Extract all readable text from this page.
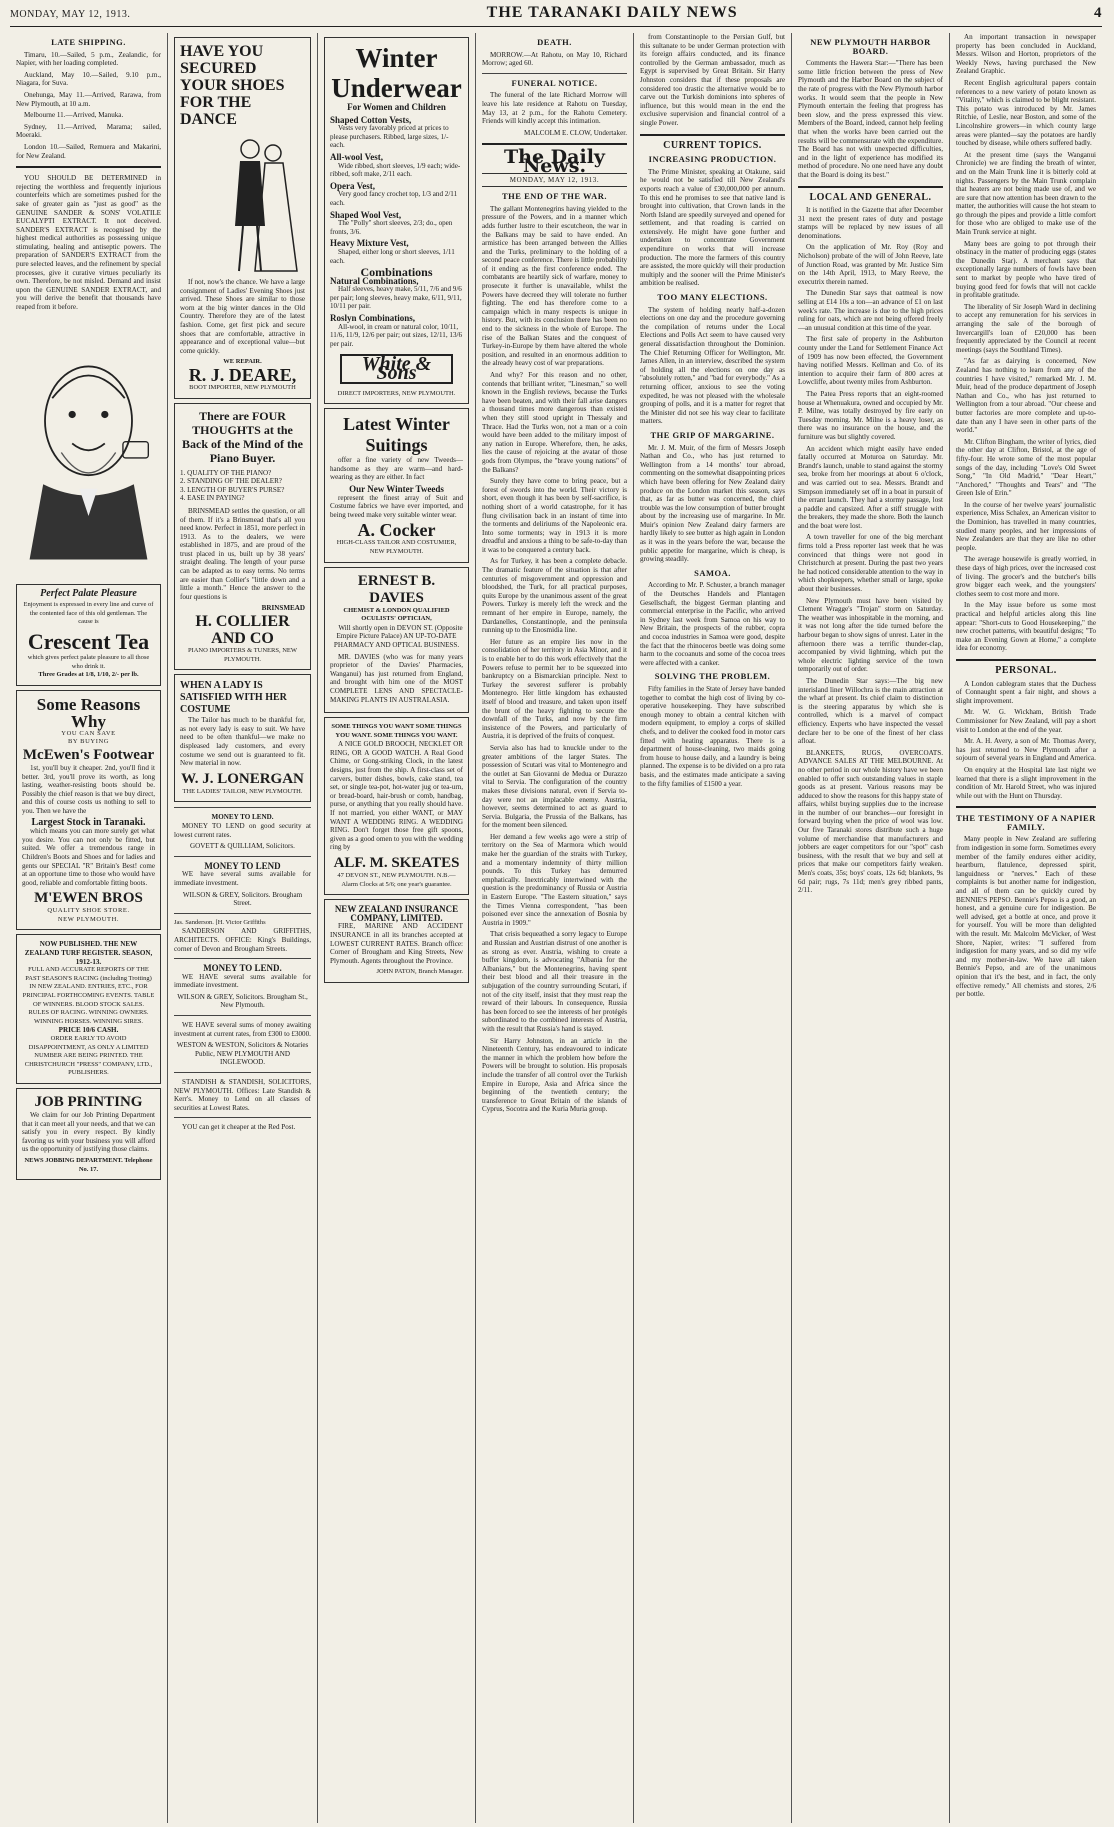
MONDAY, MAY 12, 1913.	THE TARANAKI DAILY NEWS	4
LATE SHIPPING.

Timaru, 10.—Sailed, 5 p.m., Zealandic, for Napier, with her loading completed.

Auckland, May 10.—Sailed, 9.10 p.m., Niagara, for Suva.

Onehunga, May 11.—Arrived, Rarawa, from New Plymouth, at 10 a.m.

Melbourne 11.—Arrived, Manuka.

Sydney, 11.—Arrived, Marama; sailed, Moeraki.

London 10.—Sailed, Remuera and Makarini, for New Zealand.

YOU SHOULD BE DETERMINED in rejecting the worthless and frequently injurious counterfeits which are sometimes pushed for the sake of greater gain as "just as good" as the GENUINE SANDER & SONS' VOLATILE EUCALYPTI EXTRACT. It not deceived. SANDER'S EXTRACT is recognised by the highest medical authorities as possessing unique stimulating, healing and antiseptic powers. The preparation of SANDER'S EXTRACT from the pure selected leaves, and the refinement by special processes, give it curative virtues peculiarly its own. Therefore, be not misled. Demand and insist upon the GENUINE SANDER EXTRACT, and you will derive the benefit that thousands have reaped from it before.

Perfect Palate Pleasure
Enjoyment is expressed in every line and curve of the contented face of this old gentleman. The cause is
Crescent Tea
which gives perfect palate pleasure to all those who drink it.
Three Grades at 1/8, 1/10, 2/- per lb.
Some Reasons Why
YOU CAN SAVE
BY BUYING
McEwen's Footwear

1st, you'll buy it cheaper. 2nd, you'll find it better. 3rd, you'll prove its worth, as long lasting, weather-resisting boots should be. Possibly the chief reason is that we buy direct, and this of course costs us nothing to sell to you. Then we have the

Largest Stock in Taranaki.

which means you can more surely get what you desire. You can not only be fitted, but suited. We offer a tremendous range in Children's Boots and Shoes and for ladies and gents our SPECIAL "R" Britain's Best! come at an opportune time to those who would have good, reliable and comfortable fitting boots.

M'EWEN BROS
QUALITY SHOE STORE.
NEW PLYMOUTH.
NOW PUBLISHED. THE NEW ZEALAND TURF REGISTER. SEASON, 1912-13.
FULL AND ACCURATE REPORTS OF THE PAST SEASON'S RACING (including Trotting) IN NEW ZEALAND. ENTRIES, ETC., FOR PRINCIPAL FORTHCOMING EVENTS. TABLE OF WINNERS. BLOOD STOCK SALES. RULES OF RACING. WINNING OWNERS. WINNING HORSES. WINNING SIRES.
PRICE 10/6 CASH.
ORDER EARLY TO AVOID DISAPPOINTMENT, AS ONLY A LIMITED NUMBER ARE BEING PRINTED. THE CHRISTCHURCH "PRESS" COMPANY, LTD., PUBLISHERS.
JOB PRINTING

We claim for our Job Printing Department that it can meet all your needs, and that we can satisfy you in every respect. By kindly favoring us with your business you will afford us the opportunity of justifying those claims.

NEWS JOBBING DEPARTMENT. Telephone No. 17.
HAVE YOU SECURED YOUR SHOES FOR THE DANCE

If not, now's the chance. We have a large consignment of Ladies' Evening Shoes just arrived. These Shoes are similar to those worn at the big winter dances in the Old Country. Therefore they are of the latest fashion. Come, get first pick and secure shoes that are comfortable, attractive in appearance and of exceptional value—but come quickly.

WE REPAIR.
R. J. DEARE,
BOOT IMPORTER, NEW PLYMOUTH
There are FOUR THOUGHTS at the Back of the Mind of the Piano Buyer.
1. QUALITY OF THE PIANO?
2. STANDING OF THE DEALER?
3. LENGTH OF BUYER'S PURSE?
4. EASE IN PAYING?

BRINSMEAD settles the question, or all of them. If it's a Brinsmead that's all you need know. Perfect in 1851, more perfect in 1913. As to the dealers, we were established in 1875, and are proud of the trust placed in us, built up by 38 years' straight dealing. The length of your purse can be adapted as to easy terms. No terms are easier than Collier's "little down and a little a month." Hence the answer to the four questions is

BRINSMEAD
H. COLLIER AND CO
PIANO IMPORTERS & TUNERS, NEW PLYMOUTH.
WHEN A LADY IS SATISFIED WITH HER COSTUME

The Tailor has much to be thankful for, as not every lady is easy to suit. We have need to be often thankful—we make no displeased lady customers, and every costume we send out is guaranteed to fit. New material in now.

W. J. LONERGAN
THE LADIES' TAILOR, NEW PLYMOUTH.
MONEY TO LEND.

MONEY TO LEND on good security at lowest current rates.

GOVETT & QUILLIAM, Solicitors.
MONEY TO LEND

WE have several sums available for immediate investment.

WILSON & GREY, Solicitors. Brougham Street.
Jas. Sanderson. [H. Victor Griffiths

SANDERSON AND GRIFFITHS, ARCHITECTS. OFFICE: King's Buildings, corner of Devon and Brougham Streets.

MONEY TO LEND.

WE HAVE several sums available for immediate investment.

WILSON & GREY, Solicitors. Brougham St., New Plymouth.

WE HAVE several sums of money awaiting investment at current rates, from £300 to £3000.

WESTON & WESTON, Solicitors & Notaries Public, NEW PLYMOUTH AND INGLEWOOD.

STANDISH & STANDISH, SOLICITORS, NEW PLYMOUTH. Offices: Late Standish & Kerr's. Money to Lend on all classes of securities at Lowest Rates.

YOU can get it cheaper at the Red Post.

Winter Underwear
For Women and Children
Shaped Cotton Vests,

Vests very favorably priced at prices to please purchasers. Ribbed, large sizes, 1/- each.

All-wool Vest,

Wide ribbed, short sleeves, 1/9 each; wide-ribbed, soft make, 2/11 each.

Opera Vest,

Very good fancy crochet top, 1/3 and 2/11 each.

Shaped Wool Vest,

The "Polly" short sleeves, 2/3; do., open fronts, 3/6.

Heavy Mixture Vest,

Shaped, either long or short sleeves, 1/11 each.

Combinations
Natural Combinations,

Half sleeves, heavy make, 5/11, 7/6 and 9/6 per pair; long sleeves, heavy make, 6/11, 9/11, 10/11 per pair.

Roslyn Combinations,

All-wool, in cream or natural color, 10/11, 11/6, 11/9, 12/6 per pair; out sizes, 12/11, 13/6 per pair.

White & Sons
DIRECT IMPORTERS, NEW PLYMOUTH.
Latest Winter Suitings

offer a fine variety of new Tweeds—handsome as they are warm—and hard-wearing as they are either. In fact

Our New Winter Tweeds

represent the finest array of Suit and Costume fabrics we have ever imported, and being tweed make very suitable winter wear.

A. Cocker
HIGH-CLASS TAILOR AND COSTUMIER, NEW PLYMOUTH.
ERNEST B. DAVIES
CHEMIST & LONDON QUALIFIED OCULISTS' OPTICIAN,

Will shortly open in DEVON ST. (Opposite Empire Picture Palace) AN UP-TO-DATE PHARMACY AND OPTICAL BUSINESS.

MR. DAVIES (who was for many years proprietor of the Davies' Pharmacies, Wanganui) has just returned from England, and brought with him one of the MOST COMPLETE LENS AND SPECTACLE-MAKING PLANTS IN AUSTRALASIA.

SOME THINGS YOU WANT SOME THINGS YOU WANT. SOME THINGS YOU WANT.

A NICE GOLD BROOCH, NECKLET OR RING, OR A GOOD WATCH. A Real Good Chime, or Gong-striking Clock, in the latest designs, just from the ship. A first-class set of carvers, butter dishes, bowls, cake stand, tea set, or single tea-pot, hot-water jug or tea-urn, or bread-board, hair-brush or comb, handbag, purse, or anything that you really should have. If not married, you either WANT, or MAY WANT A WEDDING RING. A WEDDING RING. Don't forget those free gift spoons, given as a good omen to you with the wedding ring by

ALF. M. SKEATES
47 DEVON ST., NEW PLYMOUTH. N.B.—Alarm Clocks at 5/6; one year's guarantee.
NEW ZEALAND INSURANCE COMPANY, LIMITED.

FIRE, MARINE AND ACCIDENT INSURANCE in all its branches accepted at LOWEST CURRENT RATES. Branch office: Corner of Brougham and King Streets, New Plymouth. Agents throughout the Province.

JOHN PATON, Branch Manager.
DEATH.

MORROW.—At Rahotu, on May 10, Richard Morrow; aged 60.

FUNERAL NOTICE.

The funeral of the late Richard Morrow will leave his late residence at Rahotu on Tuesday, May 13, at 2 p.m., for the Rahotu Cemetery. Friends will kindly accept this intimation.

MALCOLM E. CLOW, Undertaker.
The Daily News.
MONDAY, MAY 12, 1913.
THE END OF THE WAR.

The gallant Montenegrins having yielded to the pressure of the Powers, and in a manner which adds further lustre to their escutcheon, the war in the Balkans may be said to have ended. An armistice has been arranged between the Allies and the Turks, preliminary to the holding of a second peace conference. There is little probability of it ending as the first conference ended. The combatants are heartily sick of warfare, money to prosecute it further is unavailable, whilst the Powers have decreed they will tolerate no further fighting. The end has therefore come to a campaign which in many respects is unique in history. But, with its conclusion there has been no end to the sickness in the whole of Europe. The rise of the Balkan States and the conquest of Turkey-in-Europe by them have altered the whole position, and resulted in an enormous addition to the already heavy cost of war preparations.

And why? For this reason and no other, contends that brilliant writer, "Linesman," so well known in the English reviews, because the Turks have been beaten, and with their fall arise dangers a thousand times more dangerous than existed when they still stood upright in Thessaly and Thrace. Had the Turks won, not a man or a coin would have been added to the military impost of any nation in Europe. Wherefore, then, he asks, lies the cause of rejoicing at the avatar of those gods from Olympus, the "brave young nations" of the Balkans?

Surely they have come to bring peace, but a forest of swords into the world. Their victory is short, even though it has been by self-sacrifice, is nothing short of a world catastrophe, for it has flung civilisation back in an instant of time into the torments and deliriums of the Napoleonic era. Into some torments; way in 1913 it is more dreadful and anxious a thing to be safe-to-day than it was to be conquered a century back.

As for Turkey, it has been a complete debacle. The dramatic feature of the situation is that after centuries of misgovernment and oppression and bloodshed, the Turk, for all practical purposes, quits Europe by the unanimous assent of the great Powers. Turkey is merely left the wreck and the remnant of her empire in Europe, namely, the Dardanelles, Constantinople, and the peninsula running up to the Enosmidia line.

Her future as an empire lies now in the consolidation of her territory in Asia Minor, and it is to enable her to do this work effectively that the Powers refuse to permit her to be squeezed into bankruptcy on a Bismarckian principle. Next to Turkey the severest sufferer is probably Montenegro. Her little kingdom has exhausted itself of blood and treasure, and taken upon itself the brunt of the heavy fighting to secure the downfall of the Turks, and now by the firm insistence of the Powers, and particularly of Austria, it is deprived of the fruits of conquest.

Servia also has had to knuckle under to the greater ambitions of the larger States. The possession of Scutari was vital to Montenegro and the outlet at San Giovanni de Medua or Durazzo vital to Servia. The configuration of the country makes these divisions natural, even if Servia to-day were not an implacable enemy. Austria, however, seems determined to act as guard to Servia. Bulgaria, the Prussia of the Balkans, has for the moment been silenced.

Her demand a few weeks ago were a strip of territory on the Sea of Marmora which would make her the guardian of the straits with Turkey, and a momentary indemnity of thirty million pounds. To this Turkey has demurred emphatically. Inextricably intertwined with the question is the predominancy of Russia or Austria in Eastern Europe. "The Eastern situation," says the Times Vienna correspondent, "has been poisoned ever since the annexation of Bosnia by Austria in 1909."

That crisis bequeathed a sorry legacy to Europe and Russian and Austrian distrust of one another is as strong as ever. Austria, wishing to create a buffer kingdom, is advocating "Albania for the Albanians," but the Montenegrins, having spent their best blood and all their treasure in the subjugation of the country surrounding Scutari, if not of the city itself, insist that they must reap the reward of their labours. In consequence, Russia has been forced to see the interests of her protégés subordinated to the combined interests of Austria, with the result that Russia's hand is stayed.

Sir Harry Johnston, in an article in the Nineteenth Century, has endeavoured to indicate the manner in which the problem how before the Powers will be brought to solution. His proposals include the transfer of all control over the Turkish Empire in Europe, Asia and Africa since the beginning of the twentieth century; the transference to Great Britain of the islands of Cyprus, Socotra and the Kuria Muria group.

from Constantinople to the Persian Gulf, but this sultanate to be under German protection with its foreign affairs conducted, and its finance controlled by the German ambassador, much as Egypt is supervised by Great Britain. Sir Harry Johnston considers that if these proposals are considered too drastic the alternative would be to carve out the Turkish dominions into spheres of influence, but this would mean in the end the exclusive supervision and financial control of a single Power.

CURRENT TOPICS.
INCREASING PRODUCTION.

The Prime Minister, speaking at Otakune, said he would not be satisfied till New Zealand's exports reach a value of £30,000,000 per annum. To this end he promises to see that native land is brought into cultivation, that Crown lands in the North Island are speedily surveyed and opened for settlement, and that roading is carried on extensively. He might have gone further and undertaken to concentrate Government expenditure on works that will increase production. The more the farmers of this country are assisted, the more quickly will their production multiply and the sooner will the Prime Minister's ambition be realised.

TOO MANY ELECTIONS.

The system of holding nearly half-a-dozen elections on one day and the procedure governing the compilation of returns under the Local Elections and Polls Act seem to have caused very general dissatisfaction throughout the Dominion. The Chief Returning Officer for Wellington, Mr. James Allen, in an interview, described the system of holding all the elections on one day as "absolutely rotten," and "bad for everybody." As a returning officer, anxious to see the voting expedited, he was not pleased with the wholesale grouping of polls, and it is a matter for regret that the Minister did not see his way clear to facilitate matters.

THE GRIP OF MARGARINE.

Mr. J. M. Muir, of the firm of Messrs Joseph Nathan and Co., who has just returned to Wellington from a 14 months' tour abroad, commenting on the somewhat disappointing prices which have been offering for New Zealand dairy produce on the London market this season, says that, as far as butter was concerned, the chief trouble was the low consumption of butter brought about by the increasing use of margarine. In Mr. Muir's opinion New Zealand dairy farmers are hardly likely to see butter as high again in London as it was in the years before the war, because the public appetite for margarine, which is cheap, is growing steadily.

SAMOA.

According to Mr. P. Schuster, a branch manager of the Deutsches Handels and Plantagen Gesellschaft, the biggest German planting and commercial enterprise in the Pacific, who arrived in Sydney last week from Samoa on his way to New Britain, the prospects of the rubber, copra and cocoa industries in Samoa were good, despite the fact that the rhinoceros beetle was doing some harm to the cocoanuts and some of the cocoa trees were affected with a canker.

SOLVING THE PROBLEM.

Fifty families in the State of Jersey have banded together to combat the high cost of living by co-operative housekeeping. They have subscribed enough money to obtain a central kitchen with modern equipment, to employ a corps of skilled chefs, and to deliver the cooked food in motor cars fitted with heating apparatus. There is a department of house-cleaning, two maids going from house to house daily, and a laundry is being planned. The expense is to be divided on a pro rata basis, and the estimates made anticipate a saving to the fifty families of £1500 a year.

NEW PLYMOUTH HARBOR BOARD.

Comments the Hawera Star:—"There has been some little friction between the press of New Plymouth and the Harbor Board on the subject of the rate of progress with the New Plymouth harbor works. It would seem that the people in New Plymouth entertain the feeling that progress has been slow, and the press expressed this view. Members of the Board, indeed, cannot help feeling that when the works have been carried out the results will be commensurate with the expenditure. The Board has not with unexpected difficulties, and in the light of experience has modified its method of procedure. No one need have any doubt that the Board is doing its best."

LOCAL AND GENERAL.

It is notified in the Gazette that after December 31 next the present rates of duty and postage stamps will be replaced by new issues of all denominations.

On the application of Mr. Roy (Roy and Nicholson) probate of the will of John Reeve, late of Junction Road, was granted by Mr. Justice Sim on the 14th April, 1913, to Mary Reeve, the executrix therein named.

The Dunedin Star says that oatmeal is now selling at £14 10s a ton—an advance of £1 on last week's rate. The increase is due to the high prices ruling for oats, which are not being offered freely—an unusual condition at this time of the year.

The first sale of property in the Ashburton county under the Land for Settlement Finance Act of 1909 has now been effected, the Government having notified Messrs. Kellman and Co. of its intention to acquire their farm of 800 acres at Lowcliffe, about twenty miles from Ashburton.

The Patea Press reports that an eight-roomed house at Whenuakura, owned and occupied by Mr. P. Milne, was totally destroyed by fire early on Tuesday morning. Mr. Milne is a heavy loser, as there was no insurance on the house, and the furniture was but slightly covered.

An accident which might easily have ended fatally occurred at Moturoa on Saturday. Mr. Brandt's launch, unable to stand against the stormy sea, broke from her moorings at about 6 o'clock, and was carried out to sea. Messrs. Brandt and Simpson immediately set off in a boat in pursuit of the errant launch. They had a stormy passage, lost a paddle and capsized. After a stiff struggle with the breakers, they made the shore. Both the launch and the boat were lost.

A town traveller for one of the big merchant firms told a Press reporter last week that he was convinced that things were not good in Christchurch at present. During the past two years he had noticed considerable attention to the way in which shopkeepers, whether small or large, spoke about their businesses.

New Plymouth must have been visited by Clement Wragge's "Trojan" storm on Saturday. The weather was inhospitable in the morning, and it was not long after the tide turned before the harbour began to show signs of unrest. Later in the afternoon there was a terrific thunder-clap, accompanied by vivid lightning, which put the whole electric lighting service of the town temporarily out of order.

The Dunedin Star says:—The big new interisland liner Willochra is the main attraction at the wharf at present. Its chief claim to distinction is the steering apparatus by which she is controlled, which is a marvel of compact efficiency. Experts who have inspected the vessel declare her to be one of the finest of her class afloat.

BLANKETS, RUGS, OVERCOATS. ADVANCE SALES AT THE MELBOURNE. At no other period in our whole history have we been enabled to offer such outstanding values in staple goods as at present. Various reasons may be adduced to show the reasons for this happy state of affairs, whilst buying supplies due to the increase in the number of our branches—our foresight in forward buying when the price of wool was low. Our five Taranaki stores distribute such a huge volume of merchandise that manufacturers and jobbers are eager competitors for our "spot" cash business, with the result that we buy and sell at prices that make our competitors fairly weaken. Men's coats, 35s; boys' coats, 12s 6d; blankets, 9s 6d pair; rugs, 7s 11d; men's grey ribbed pants, 2/11.

An important transaction in newspaper property has been concluded in Auckland, Messrs. Wilson and Horton, proprietors of the Weekly News, having purchased the New Zealand Graphic.

Recent English agricultural papers contain references to a new variety of potato known as "Vitality," which is claimed to be blight resistant. This potato was introduced by Mr. James Ritchie, of Leslie, near Boston, and some of the Lincolnshire growers—in which county large areas were planted—say the potatoes are hardly touched by disease, while others suffered badly.

At the present time (says the Wanganui Chronicle) we are finding the breath of winter, and on the Main Trunk line it is bitterly cold at nights. Passengers by the Main Trunk complain that heaters are not being made use of, and we are sure that now attention has been drawn to the matter, the authorities will cause the hot steam to go through the pipes and provide a little comfort for those who are obliged to make use of the Main Trunk service at night.

Many bees are going to pot through their obstinacy in the matter of producing eggs (states the Dunedin Star). A merchant says that exceptionally large numbers of fowls have been sent to market by people who have tired of buying good feed for fowls that will not cackle in profitable gratitude.

The liberality of Sir Joseph Ward in declining to accept any remuneration for his services in arranging the sale of the borough of Invercargill's loan of £20,000 has been frequently appreciated by the Council at recent meetings (says the Southland Times).

"As far as dairying is concerned, New Zealand has nothing to learn from any of the countries I have visited," remarked Mr. J. M. Muir, head of the produce department of Joseph Nathan and Co., who has just returned to Wellington from a tour abroad. "Our cheese and butter factories are more complete and up-to-date than any I have seen in other parts of the world."

Mr. Clifton Bingham, the writer of lyrics, died the other day at Clifton, Bristol, at the age of fifty-four. He wrote some of the most popular songs of the day, including "Love's Old Sweet Song," "In Old Madrid," "Dear Heart," "Anchored," "Thoughts and Tears" and "The Green Isle of Erin."

In the course of her twelve years' journalistic experience, Miss Schalex, an American visitor to the Dominion, has travelled in many countries, studied many peoples, and her impressions of New Zealanders are that they are like no other people.

The average housewife is greatly worried, in these days of high prices, over the increased cost of living. The grocer's and the butcher's bills grow bigger each week, and the youngsters' clothes seem to cost more and more.

In the May issue before us some most practical and helpful articles along this line appear: "Short-cuts to Good Housekeeping," the new crochet patterns, with beautiful designs; "To make an Evening Gown at Home," a complete idea for economy.

PERSONAL.

A London cablegram states that the Duchess of Connaught spent a fair night, and shows a slight improvement.

Mr. W. G. Wickham, British Trade Commissioner for New Zealand, will pay a short visit to London at the end of the year.

Mr. A. H. Avery, a son of Mr. Thomas Avery, has just returned to New Plymouth after a sojourn of several years in England and America.

On enquiry at the Hospital late last night we learned that there is a slight improvement in the condition of Mr. Harold Street, who was injured while out with the Hunt on Thursday.

THE TESTIMONY OF A NAPIER FAMILY.

Many people in New Zealand are suffering from indigestion in some form. Sometimes every member of the family endures either acidity, heartburn, flatulence, depressed spirit, languidness or "nerves." Each of these complaints is but another name for indigestion, and all of them can be quickly cured by BENNIE'S PEPSO. Bennie's Pepso is a good, an honest, and a genuine cure for indigestion. Be well advised, get a bottle at once, and prove it for yourself. You will be more than delighted with the result. Mr. Malcolm McVicker, of West Shore, Napier, writes: "I suffered from indigestion for many years, and so did my wife and my mother-in-law. We have all taken Bennie's Pepso, and are of the unanimous opinion that it's the best, and in fact, the only effective remedy." All chemists and stores, 2/6 per bottle.
